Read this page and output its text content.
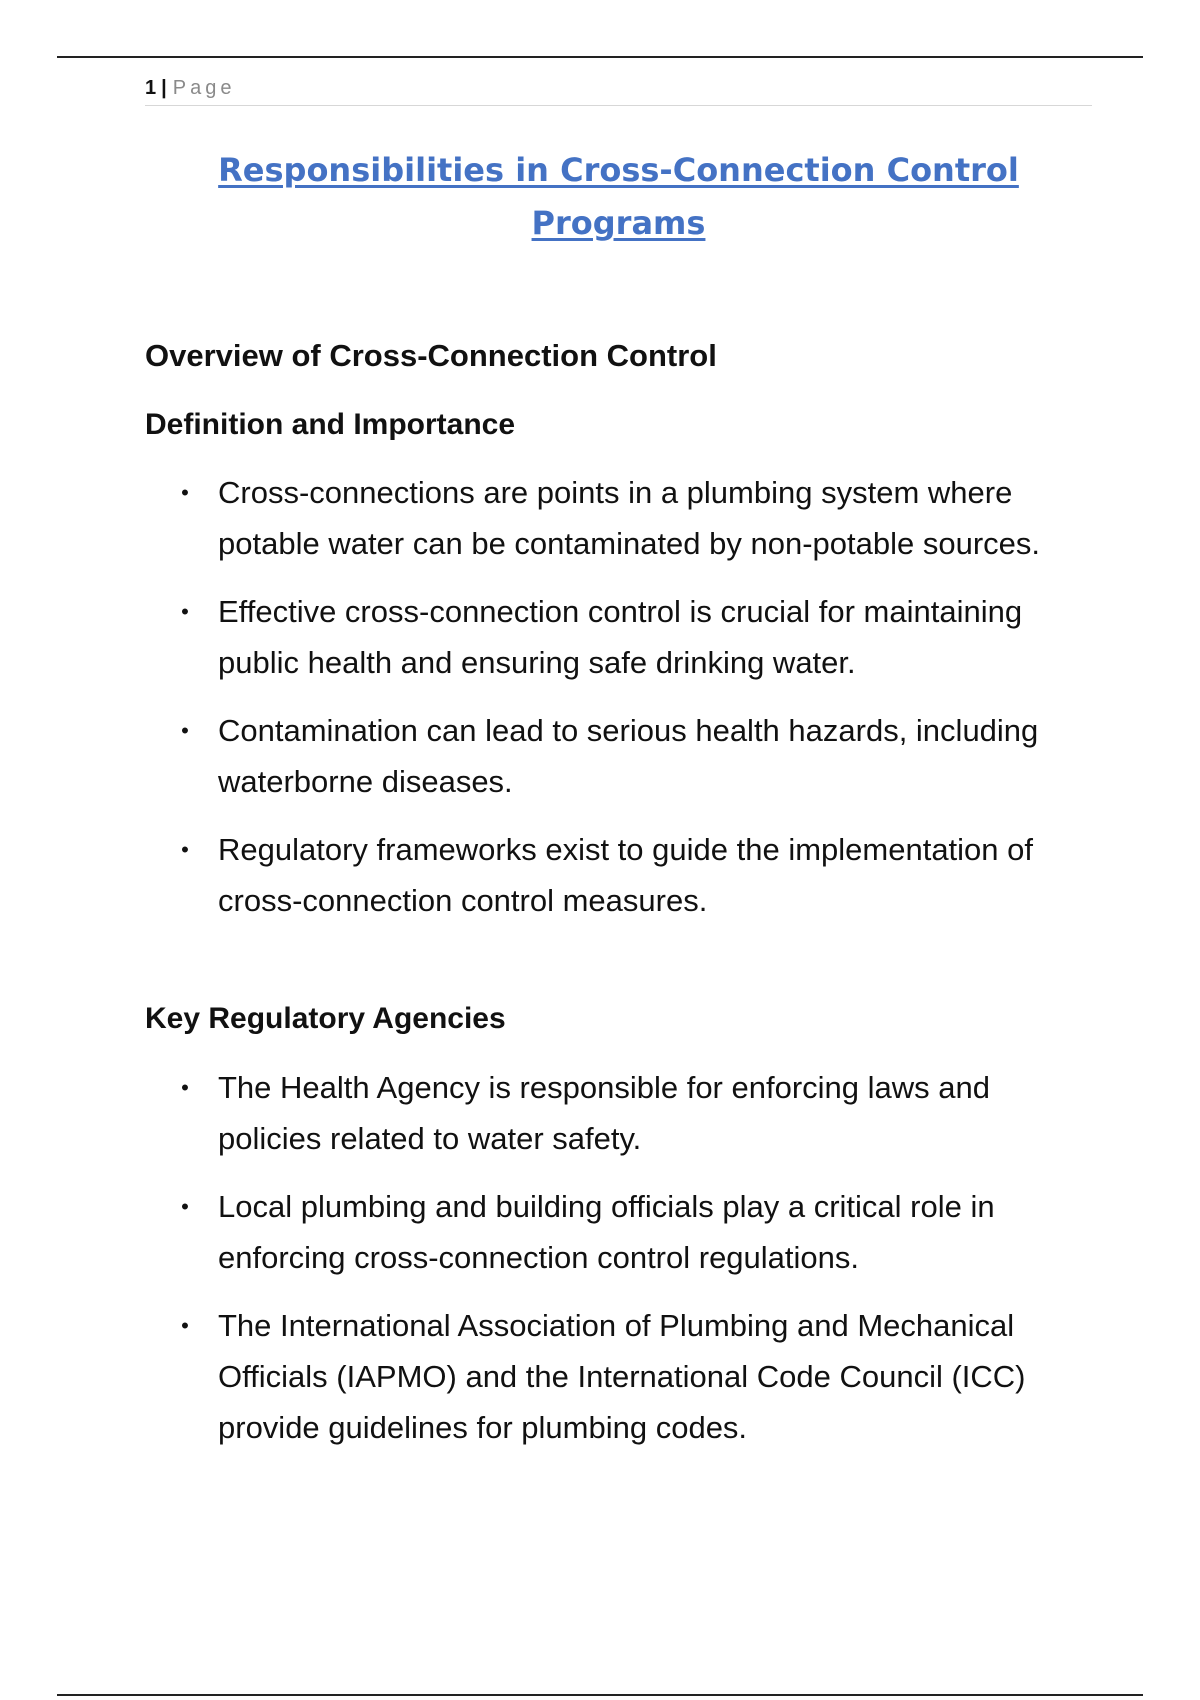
1 | Page
Responsibilities in Cross-Connection Control Programs
Overview of Cross-Connection Control
Definition and Importance
• Cross-connections are points in a plumbing system where potable water can be contaminated by non-potable sources.
• Effective cross-connection control is crucial for maintaining public health and ensuring safe drinking water.
• Contamination can lead to serious health hazards, including waterborne diseases.
• Regulatory frameworks exist to guide the implementation of cross-connection control measures.
Key Regulatory Agencies
• The Health Agency is responsible for enforcing laws and policies related to water safety.
• Local plumbing and building officials play a critical role in enforcing cross-connection control regulations.
• The International Association of Plumbing and Mechanical Officials (IAPMO) and the International Code Council (ICC) provide guidelines for plumbing codes.
